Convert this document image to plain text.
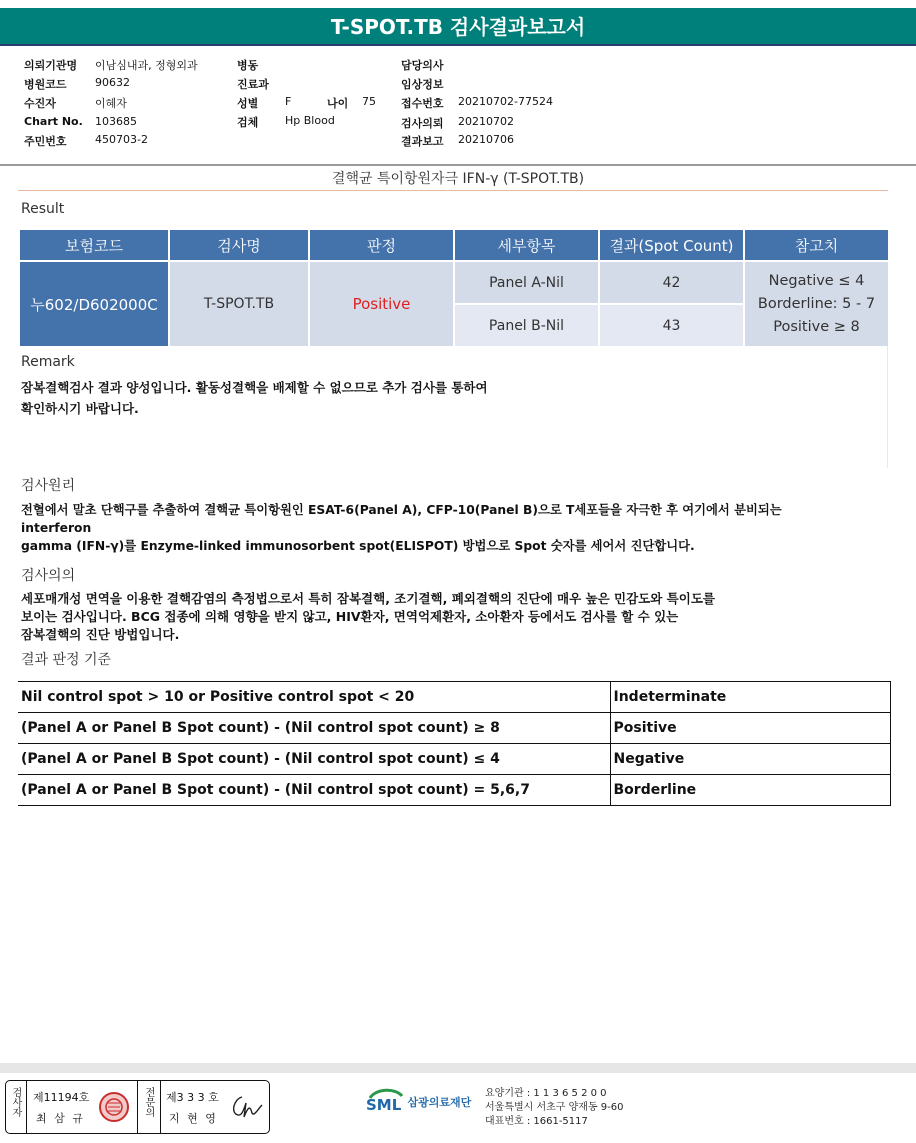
T-SPOT.TB 검사결과보고서
의뢰기관명 이남심내과, 정형외과
병원코드	90632
수진자	이혜자
Chart No. 103685
주민번호	450703-2
병동
진료과
성별 F	나이 75
검체 Hp Blood
담당의사
임상정보
접수번호 20210702-77524
검사의뢰 20210702
결과보고 20210706
결핵균 특이항원자극 IFN-γ (T-SPOT.TB)
Result
보험코드	검사명	판정	세부항목	결과(Spot Count)	참고치
누602/D602000C	T-SPOT.TB	Positive	Panel A-Nil	42	Negative ≤ 4
Borderline: 5 - 7
Positive ≥ 8

			Panel B-Nil	43	
Remark
잠복결핵검사 결과 양성입니다. 활동성결핵을 배제할 수 없으므로 추가 검사를 통하여
확인하시기 바랍니다.
검사원리
전혈에서 말초 단핵구를 추출하여 결핵균 특이항원인 ESAT-6(Panel A), CFP-10(Panel B)으로 T세포들을 자극한 후 여기에서 분비되는
interferon
gamma (IFN-γ)를 Enzyme-linked immunosorbent spot(ELISPOT) 방법으로 Spot 숫자를 세어서 진단합니다.
검사의의
세포매개성 면역을 이용한 결핵감염의 측정법으로서 특히 잠복결핵, 조기결핵, 폐외결핵의 진단에 매우 높은 민감도와 특이도를
보이는 검사입니다. BCG 접종에 의해 영향을 받지 않고, HIV환자, 면역억제환자, 소아환자 등에서도 검사를 할 수 있는
잠복결핵의 진단 방법입니다.
결과 판정 기준
Nil control spot > 10 or Positive control spot < 20	Indeterminate
(Panel A or Panel B Spot count) - (Nil control spot count) ≥ 8	Positive
(Panel A or Panel B Spot count) - (Nil control spot count) ≤ 4	Negative
(Panel A or Panel B Spot count) - (Nil control spot count) = 5,6,7	Borderline
검사자 제11194호
최 삼 규
전문의 제3 3 3 호
지 현 영

SML 삼광의료재단
요양기관 : 1 1 3 6 5 2 0 0
서울특별시 서초구 양재동 9-60
대표번호 : 1661-5117
